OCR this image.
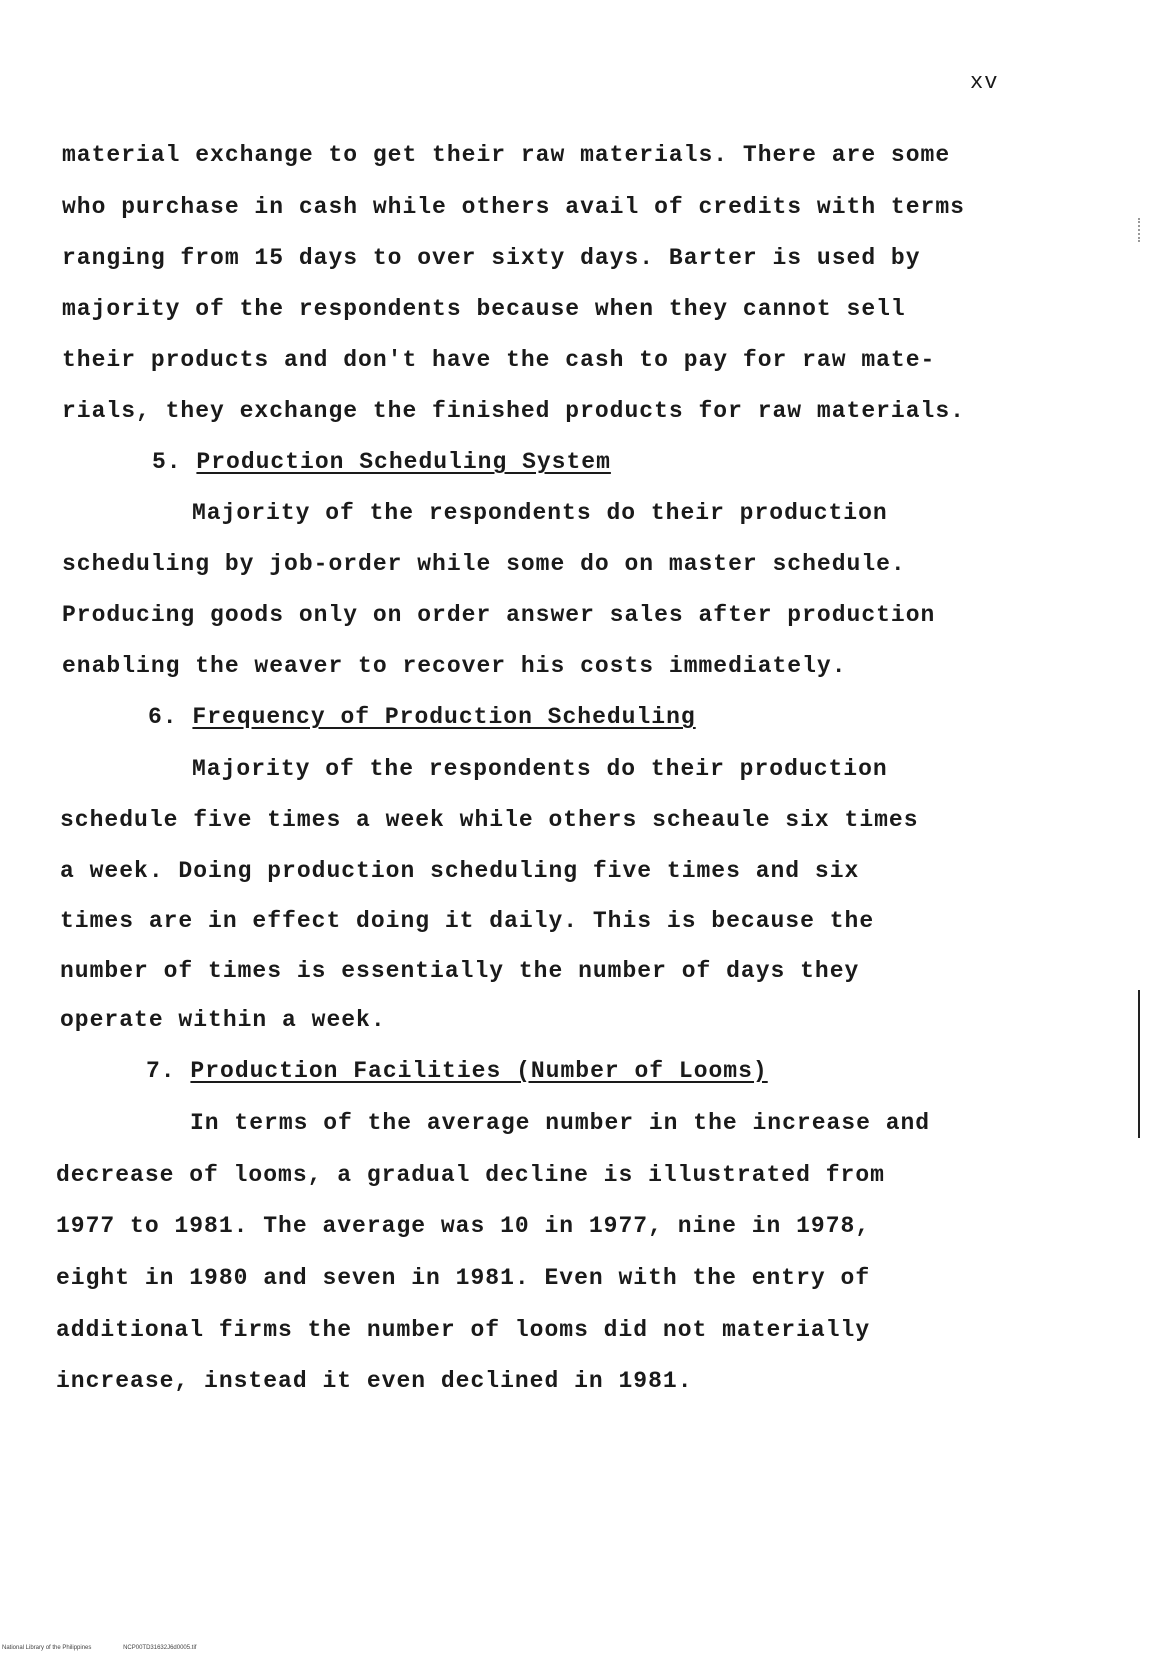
xv
material exchange to get their raw materials. There are some
who purchase in cash while others avail of credits with terms
ranging from 15 days to over sixty days. Barter is used by
majority of the respondents because when they cannot sell
their products and don't have the cash to pay for raw mate-
rials, they exchange the finished products for raw materials.
5. Production Scheduling System
Majority of the respondents do their production
scheduling by job-order while some do on master schedule.
Producing goods only on order answer sales after production
enabling the weaver to recover his costs immediately.
6. Frequency of Production Scheduling
Majority of the respondents do their production
schedule five times a week while others scheaule six times
a week. Doing production scheduling five times and six
times are in effect doing it daily. This is because the
number of times is essentially the number of days they
operate within a week.
7. Production Facilities (Number of Looms)
In terms of the average number in the increase and
decrease of looms, a gradual decline is illustrated from
1977 to 1981. The average was 10 in 1977, nine in 1978,
eight in 1980 and seven in 1981. Even with the entry of
additional firms the number of looms did not materially
increase, instead it even declined in 1981.
National Library of the Philippines	NCP00TD31632J6d0005.tif
